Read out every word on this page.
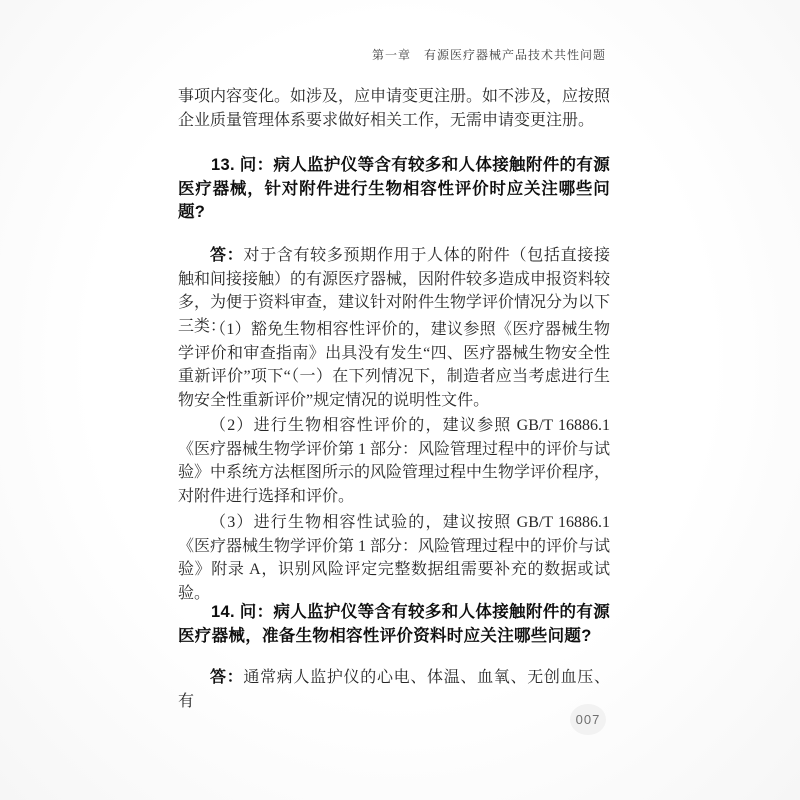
第一章　有源医疗器械产品技术共性问题

事项内容变化。如涉及，应申请变更注册。如不涉及，应按照企业质量管理体系要求做好相关工作，无需申请变更注册。

13. 问：病人监护仪等含有较多和人体接触附件的有源医疗器械，针对附件进行生物相容性评价时应关注哪些问题?

答：对于含有较多预期作用于人体的附件（包括直接接触和间接接触）的有源医疗器械，因附件较多造成申报资料较多，为便于资料审查，建议针对附件生物学评价情况分为以下三类：

（1）豁免生物相容性评价的，建议参照《医疗器械生物学评价和审查指南》出具没有发生“四、医疗器械生物安全性重新评价”项下“（一）在下列情况下，制造者应当考虑进行生物安全性重新评价”规定情况的说明性文件。

（2）进行生物相容性评价的，建议参照 GB/T 16886.1《医疗器械生物学评价第 1 部分：风险管理过程中的评价与试验》中系统方法框图所示的风险管理过程中生物学评价程序，对附件进行选择和评价。

（3）进行生物相容性试验的，建议按照 GB/T 16886.1《医疗器械生物学评价第 1 部分：风险管理过程中的评价与试验》附录 A，识别风险评定完整数据组需要补充的数据或试验。

14. 问：病人监护仪等含有较多和人体接触附件的有源医疗器械，准备生物相容性评价资料时应关注哪些问题?

答：通常病人监护仪的心电、体温、血氧、无创血压、有

007
